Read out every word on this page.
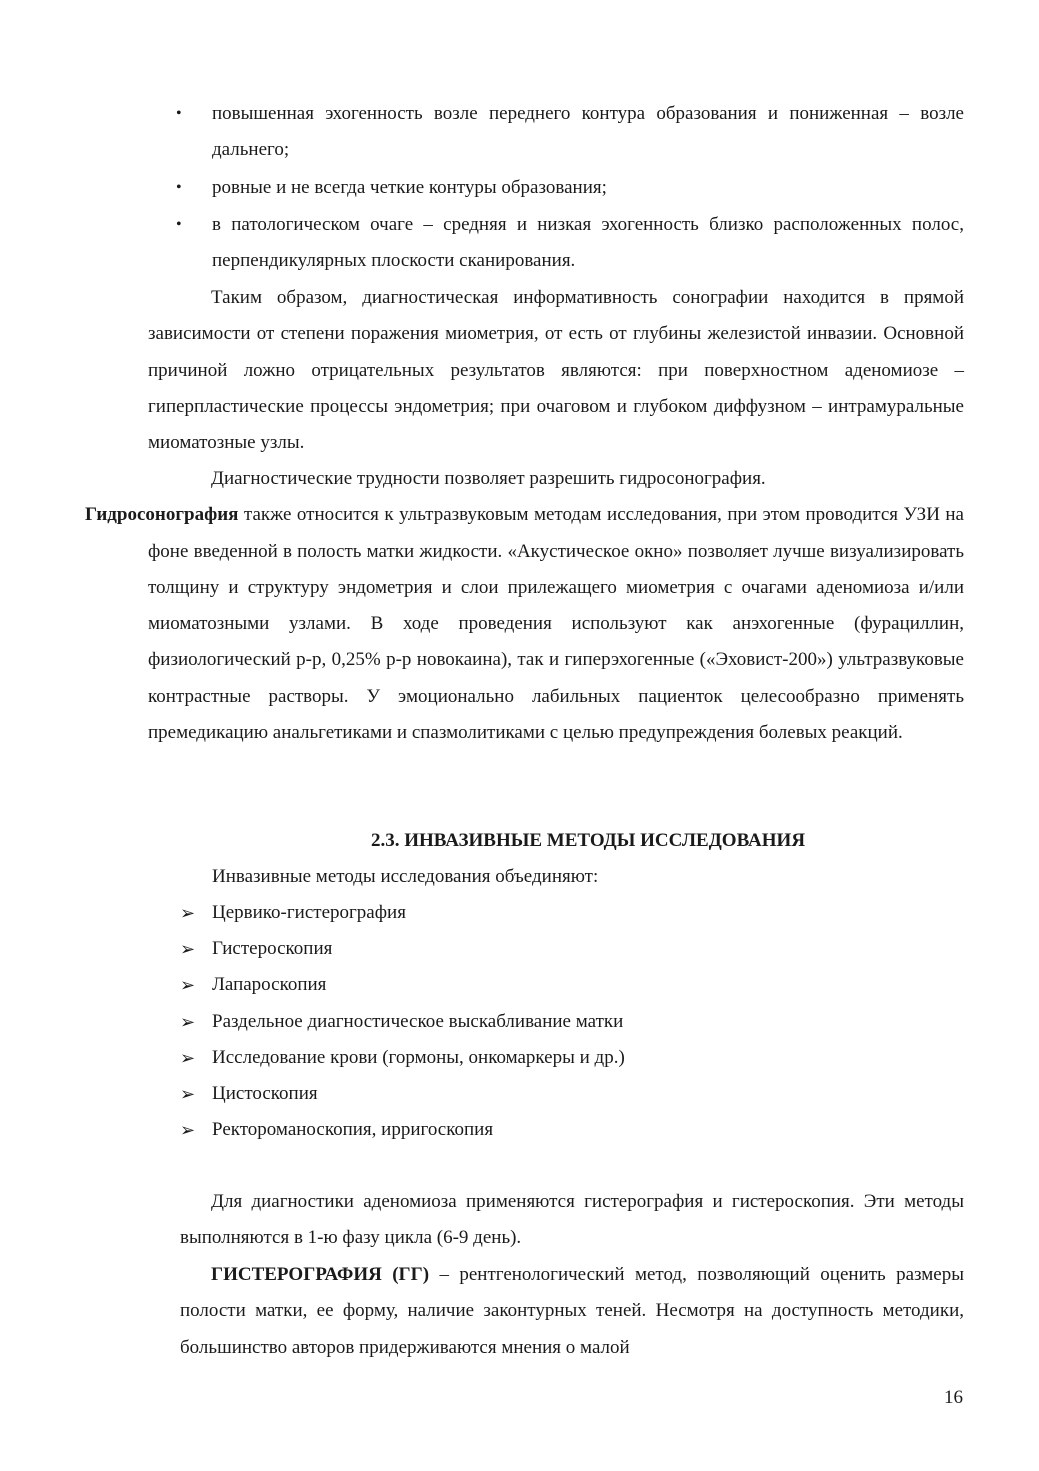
• повышенная эхогенность возле переднего контура образования и пониженная – возле дальнего;

• ровные и не всегда четкие контуры образования;

• в патологическом очаге – средняя и низкая эхогенность близко расположенных полос, перпендикулярных плоскости сканирования.

Таким образом, диагностическая информативность сонографии находится в прямой зависимости от степени поражения миометрия, от есть от глубины железистой инвазии. Основной причиной ложно отрицательных результатов являются: при поверхностном аденомиозе – гиперпластические процессы эндометрия; при очаговом и глубоком диффузном – интрамуральные миоматозные узлы.

Диагностические трудности позволяет разрешить гидросонография.
Гидросонография также относится к ультразвуковым методам исследования, при этом проводится УЗИ на фоне введенной в полость матки жидкости. «Акустическое окно» позволяет лучше визуализировать толщину и структуру эндометрия и слои прилежащего миометрия с очагами аденомиоза и/или миоматозными узлами. В ходе проведения используют как анэхогенные (фурациллин, физиологический р-р, 0,25% р-р новокаина), так и гиперэхогенные («Эховист-200») ультразвуковые контрастные растворы. У эмоционально лабильных пациенток целесообразно применять премедикацию анальгетиками и спазмолитиками с целью предупреждения болевых реакций.

2.3. ИНВАЗИВНЫЕ МЕТОДЫ ИССЛЕДОВАНИЯ
Инвазивные методы исследования объединяют:
➢ Цервико-гистерография
➢ Гистероскопия
➢ Лапароскопия
➢ Раздельное диагностическое выскабливание матки
➢ Исследование крови (гормоны, онкомаркеры и др.)
➢ Цистоскопия
➢ Ректороманоскопия, ирригоскопия

Для диагностики аденомиоза применяются гистерография и гистероскопия. Эти методы выполняются в 1-ю фазу цикла (6-9 день).

ГИСТЕРОГРАФИЯ (ГГ) – рентгенологический метод, позволяющий оценить размеры полости матки, ее форму, наличие законтурных теней. Несмотря на доступность методики, большинство авторов придерживаются мнения о малой

16
